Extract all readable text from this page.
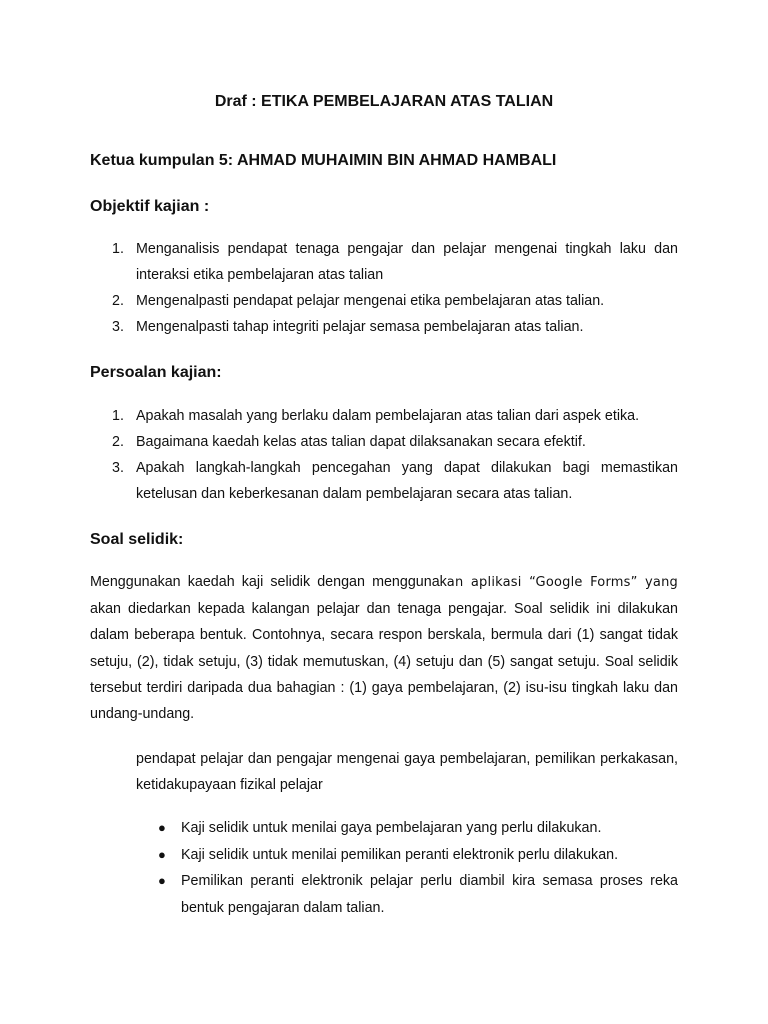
Draf : ETIKA PEMBELAJARAN ATAS TALIAN
Ketua kumpulan 5: AHMAD MUHAIMIN BIN AHMAD HAMBALI
Objektif kajian :
1. Menganalisis pendapat tenaga pengajar dan pelajar mengenai tingkah laku dan interaksi etika pembelajaran atas talian
2. Mengenalpasti pendapat pelajar mengenai etika pembelajaran atas talian.
3. Mengenalpasti tahap integriti pelajar semasa pembelajaran atas talian.
Persoalan kajian:
1. Apakah masalah yang berlaku dalam pembelajaran atas talian dari aspek etika.
2. Bagaimana kaedah kelas atas talian dapat dilaksanakan secara efektif.
3. Apakah langkah-langkah pencegahan yang dapat dilakukan bagi memastikan ketelusan dan keberkesanan dalam pembelajaran secara atas talian.
Soal selidik:

Menggunakan kaedah kaji selidik dengan menggunakan aplikasi “Google Forms” yang akan diedarkan kepada kalangan pelajar dan tenaga pengajar. Soal selidik ini dilakukan dalam beberapa bentuk. Contohnya, secara respon berskala, bermula dari (1) sangat tidak setuju, (2), tidak setuju, (3) tidak memutuskan, (4) setuju dan (5) sangat setuju. Soal selidik tersebut terdiri daripada dua bahagian : (1) gaya pembelajaran, (2) isu-isu tingkah laku dan undang-undang.

pendapat pelajar dan pengajar mengenai gaya pembelajaran, pemilikan perkakasan, ketidakupayaan fizikal pelajar

● Kaji selidik untuk menilai gaya pembelajaran yang perlu dilakukan.
● Kaji selidik untuk menilai pemilikan peranti elektronik perlu dilakukan.
● Pemilikan peranti elektronik pelajar perlu diambil kira semasa proses reka bentuk pengajaran dalam talian.
